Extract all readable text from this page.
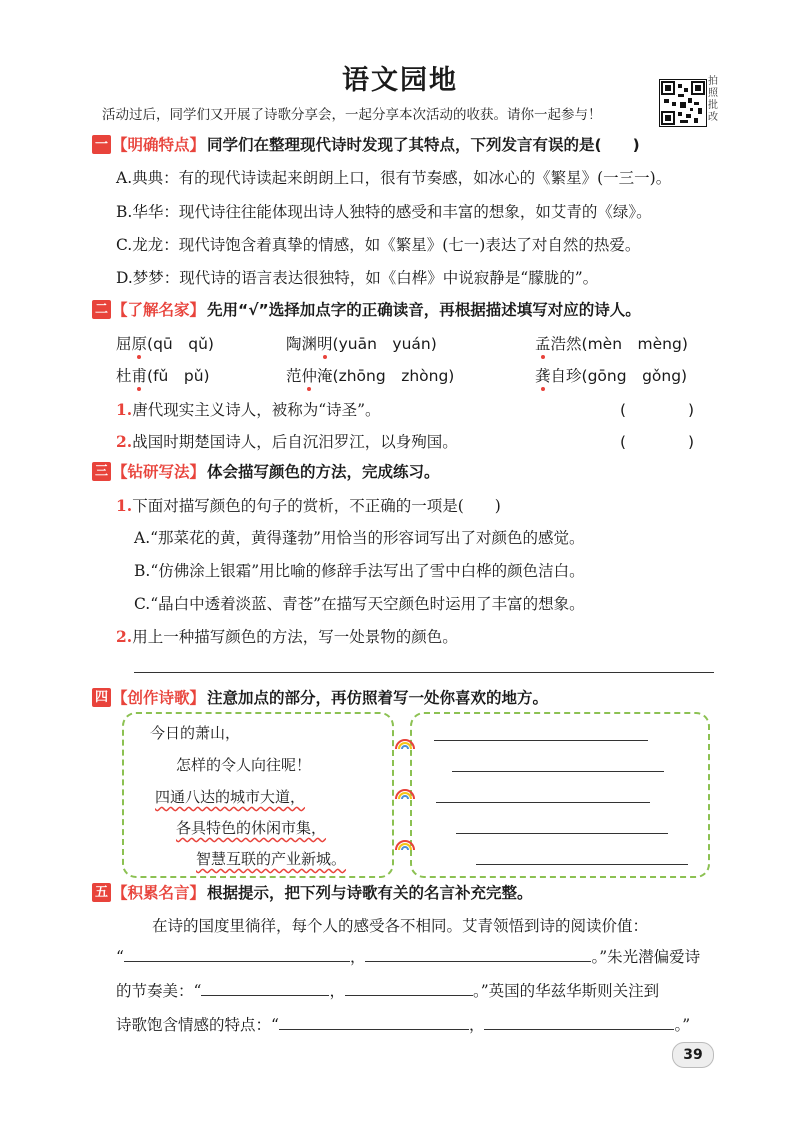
语文园地	拍照批改
活动过后，同学们又开展了诗歌分享会，一起分享本次活动的收获。请你一起参与！
一 【明确特点】 同学们在整理现代诗时发现了其特点，下列发言有误的是(　　)
A.典典：有的现代诗读起来朗朗上口，很有节奏感，如冰心的《繁星》(一三一)。
B.华华：现代诗往往能体现出诗人独特的感受和丰富的想象，如艾青的《绿》。
C.龙龙：现代诗饱含着真挚的情感，如《繁星》(七一)表达了对自然的热爱。
D.梦梦：现代诗的语言表达很独特，如《白桦》中说寂静是“朦胧的”。
二 【了解名家】 先用“√”选择加点字的正确读音，再根据描述填写对应的诗人。
屈原(qū　qǔ)	陶渊明(yuān　yuán)	孟浩然(mèn　mèng)
杜甫(fǔ　pǔ)	范仲淹(zhōng　zhòng)	龚自珍(gōng　gǒng)
1.唐代现实主义诗人，被称为“诗圣”。	(　　　　)
2.战国时期楚国诗人，后自沉汨罗江，以身殉国。	(　　　　)
三 【钻研写法】 体会描写颜色的方法，完成练习。
1.下面对描写颜色的句子的赏析，不正确的一项是(　　)
A.“那菜花的黄，黄得蓬勃”用恰当的形容词写出了对颜色的感觉。
B.“仿佛涂上银霜”用比喻的修辞手法写出了雪中白桦的颜色洁白。
C.“晶白中透着淡蓝、青苍”在描写天空颜色时运用了丰富的想象。
2.用上一种描写颜色的方法，写一处景物的颜色。
四 【创作诗歌】 注意加点的部分，再仿照着写一处你喜欢的地方。
今日的萧山，
怎样的令人向往呢！
四通八达的城市大道，
各具特色的休闲市集，
智慧互联的产业新城。
五 【积累名言】 根据提示，把下列与诗歌有关的名言补充完整。
在诗的国度里徜徉，每个人的感受各不相同。艾青领悟到诗的阅读价值：
“	，	。”朱光潜偏爱诗
的节奏美：“	，	。”英国的华兹华斯则关注到
诗歌饱含情感的特点：“	，	。”
39
